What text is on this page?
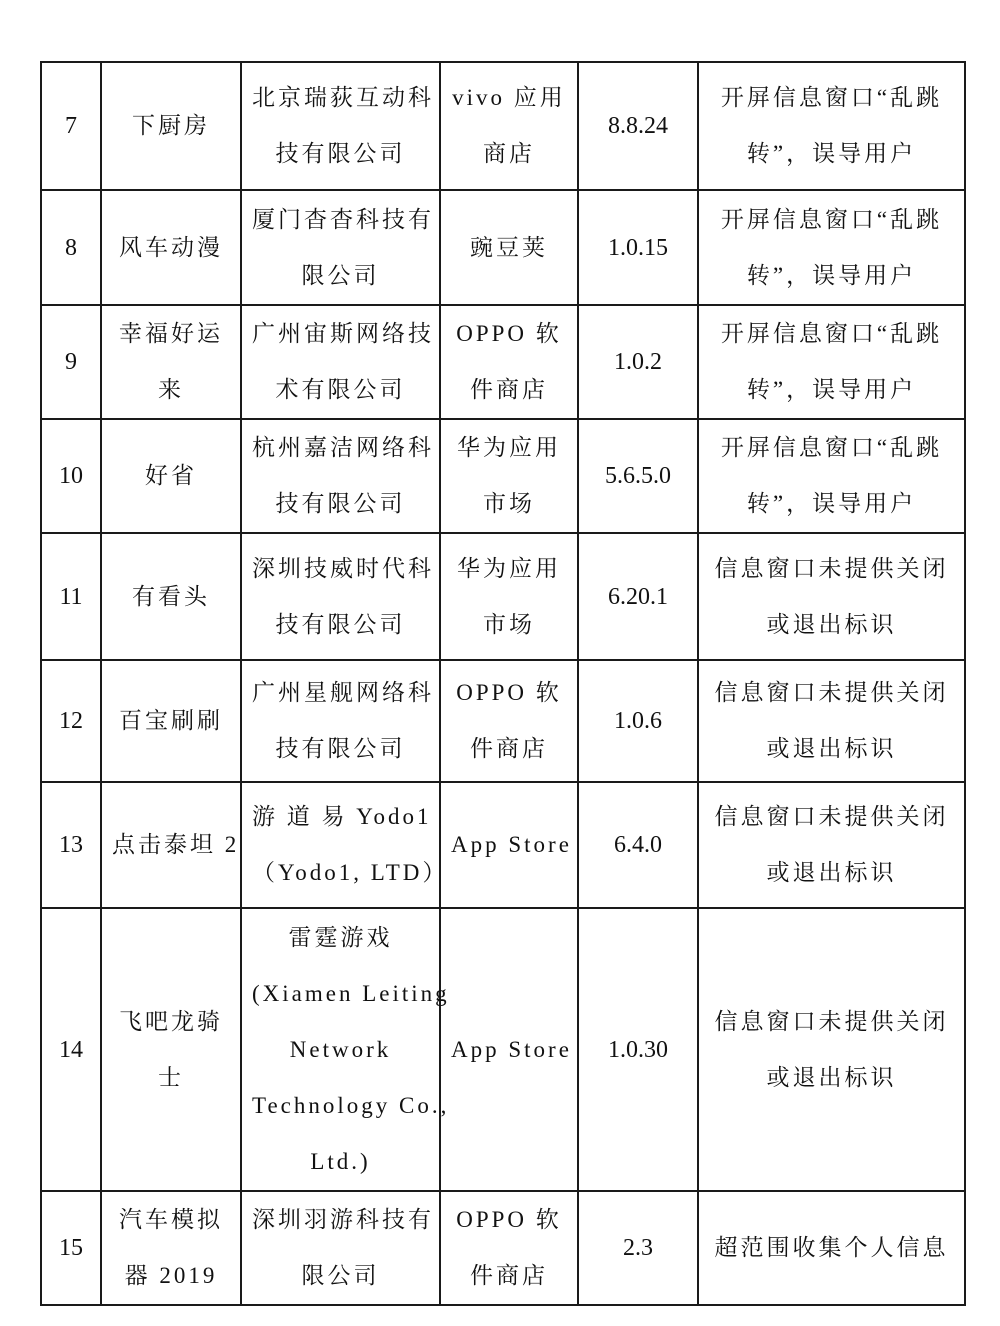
7	下厨房	北京瑞荻互动科
技有限公司	vivo 应用
商店	8.8.24	开屏信息窗口“乱跳
转”，误导用户

8	风车动漫	厦门杳杳科技有
限公司	豌豆荚	1.0.15	开屏信息窗口“乱跳
转”，误导用户

9	幸福好运
来	广州宙斯网络技
术有限公司	OPPO 软
件商店	1.0.2	开屏信息窗口“乱跳
转”，误导用户

10	好省	杭州嘉洁网络科
技有限公司	华为应用
市场	5.6.5.0	开屏信息窗口“乱跳
转”，误导用户

11	有看头	深圳技威时代科
技有限公司	华为应用
市场	6.20.1	信息窗口未提供关闭
或退出标识

12	百宝刷刷	广州星舰网络科
技有限公司	OPPO 软
件商店	1.0.6	信息窗口未提供关闭
或退出标识

13	点击泰坦 2	游 道 易 Yodo1
（Yodo1, LTD）	App Store	6.4.0	信息窗口未提供关闭
或退出标识

14	飞吧龙骑
士	雷霆游戏
(Xiamen Leiting
Network
Technology Co.,
Ltd.)	App Store	1.0.30	信息窗口未提供关闭
或退出标识

15	汽车模拟
器 2019	深圳羽游科技有
限公司	OPPO 软
件商店	2.3	超范围收集个人信息
